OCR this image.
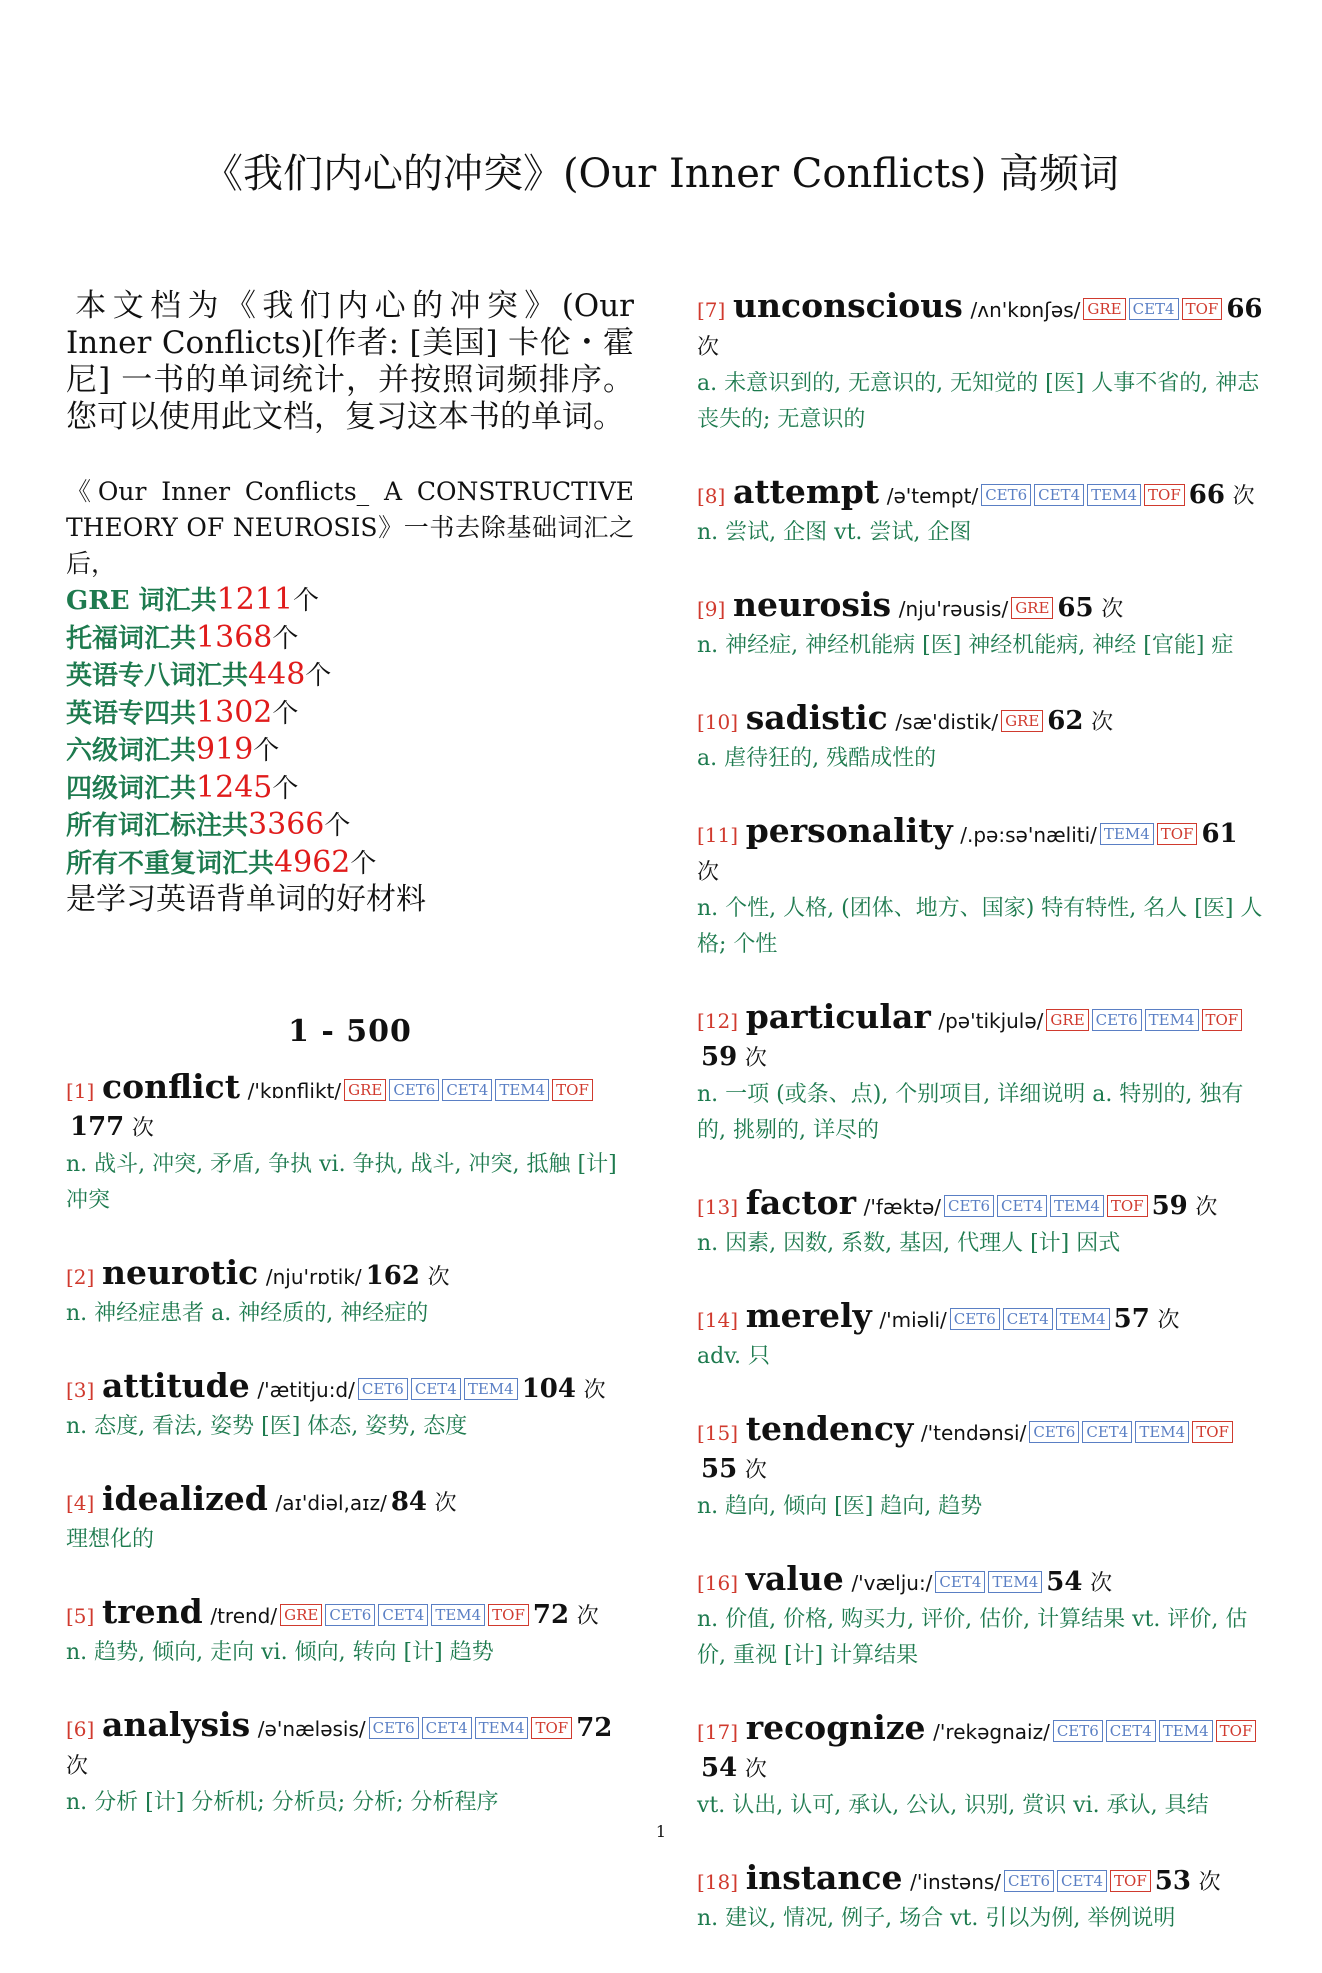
《我们内心的冲突》(Our Inner Conflicts) 高频词

本文档为《我们内心的冲突》(Our Inner Conflicts)[作者: [美国] 卡伦・霍尼] 一书的单词统计，并按照词频排序。您可以使用此文档，复习这本书的单词。

《Our Inner Conflicts_ A CONSTRUCTIVE THEORY OF NEUROSIS》一书去除基础词汇之后，
GRE 词汇共1211个
托福词汇共1368个
英语专八词汇共448个
英语专四共1302个
六级词汇共919个
四级词汇共1245个
所有词汇标注共3366个
所有不重复词汇共4962个
是学习英语背单词的好材料
1 - 500
[1] conflict /'kɒnflikt/ GRE CET6 CET4 TEM4 TOF177 次
n. 战斗, 冲突, 矛盾, 争执 vi. 争执, 战斗, 冲突, 抵触 [计] 冲突
[2] neurotic /nju'rɒtik/ 162 次
n. 神经症患者 a. 神经质的, 神经症的
[3] attitude /'ætitju:d/ CET6 CET4 TEM4 104 次
n. 态度, 看法, 姿势 [医] 体态, 姿势, 态度
[4] idealized /aɪ'diəl,aɪz/ 84 次
理想化的
[5] trend /trend/ GRE CET6 CET4 TEM4 TOF 72 次
n. 趋势, 倾向, 走向 vi. 倾向, 转向 [计] 趋势
[6] analysis /ə'næləsis/ CET6 CET4 TEM4 TOF 72 次
n. 分析 [计] 分析机; 分析员; 分析; 分析程序
[7] unconscious /ʌn'kɒnʃəs/ GRE CET4 TOF 66 次
a. 未意识到的, 无意识的, 无知觉的 [医] 人事不省的, 神志丧失的; 无意识的
[8] attempt /ə'tempt/ CET6 CET4 TEM4 TOF 66 次
n. 尝试, 企图 vt. 尝试, 企图
[9] neurosis /nju'rəusis/ GRE 65 次
n. 神经症, 神经机能病 [医] 神经机能病, 神经 [官能] 症
[10] sadistic /sæ'distik/ GRE 62 次
a. 虐待狂的, 残酷成性的
[11] personality /.pə:sə'næliti/ TEM4 TOF 61 次
n. 个性, 人格, (团体、地方、国家) 特有特性, 名人 [医] 人格; 个性
[12] particular /pə'tikjulə/ GRE CET6 TEM4 TOF59 次
n. 一项 (或条、点), 个别项目, 详细说明 a. 特别的, 独有的, 挑剔的, 详尽的
[13] factor /'fæktə/ CET6 CET4 TEM4 TOF 59 次
n. 因素, 因数, 系数, 基因, 代理人 [计] 因式
[14] merely /'miəli/ CET6 CET4 TEM4 57 次
adv. 只
[15] tendency /'tendənsi/ CET6 CET4 TEM4 TOF55 次
n. 趋向, 倾向 [医] 趋向, 趋势
[16] value /'vælju:/ CET4 TEM4 54 次
n. 价值, 价格, 购买力, 评价, 估价, 计算结果 vt. 评价, 估价, 重视 [计] 计算结果
[17] recognize /'rekəgnaiz/ CET6 CET4 TEM4 TOF54 次
vt. 认出, 认可, 承认, 公认, 识别, 赏识 vi. 承认, 具结
[18] instance /'instəns/ CET6 CET4 TOF 53 次
n. 建议, 情况, 例子, 场合 vt. 引以为例, 举例说明
1
